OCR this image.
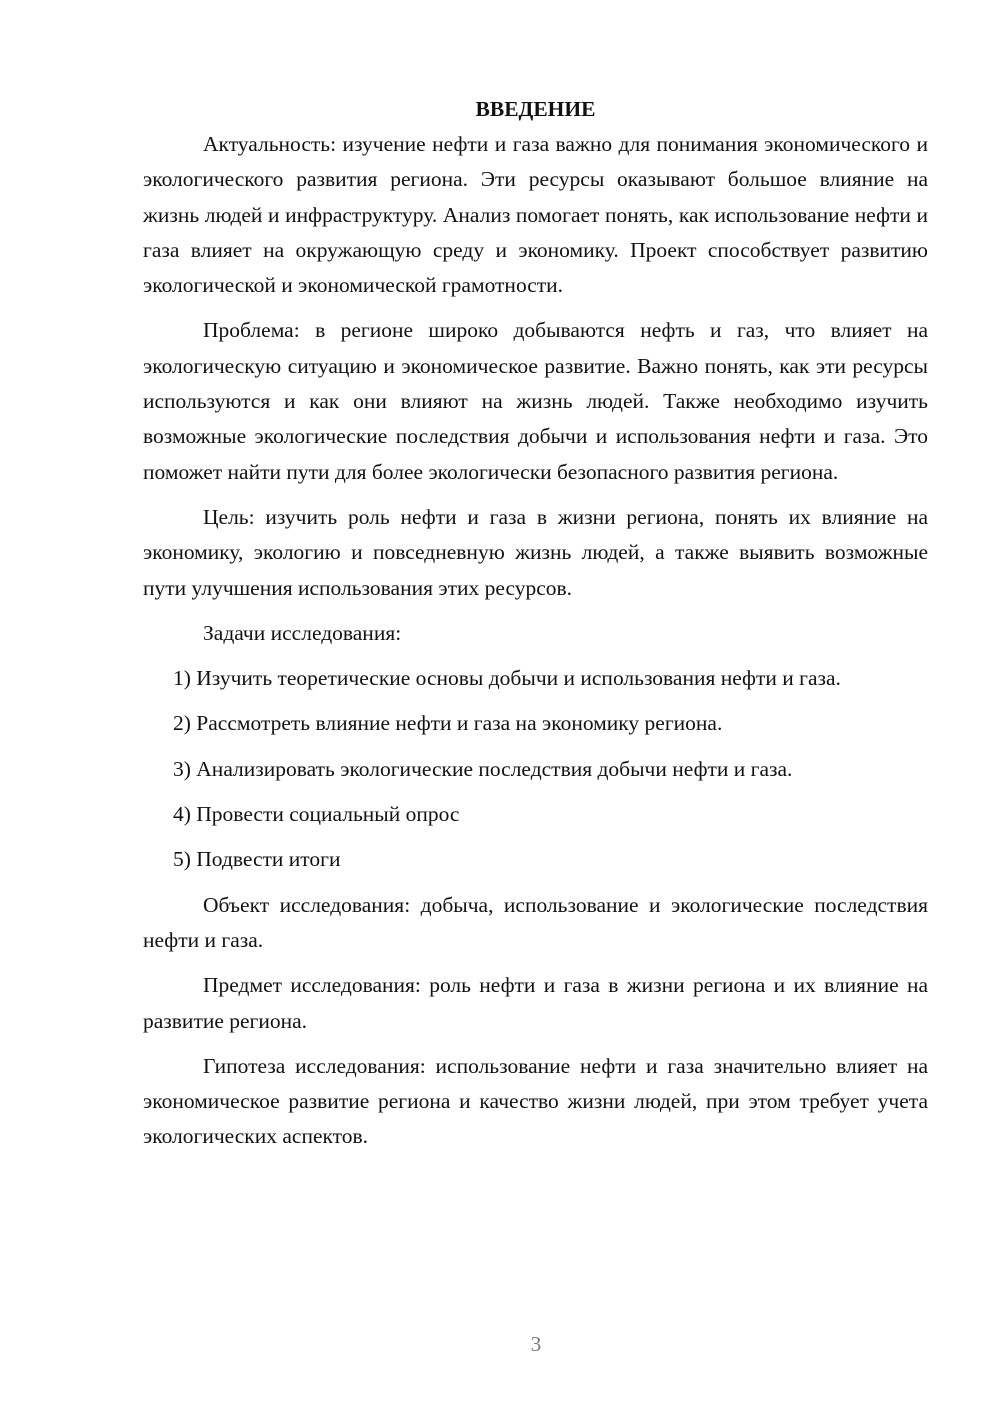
ВВЕДЕНИЕ

Актуальность: изучение нефти и газа важно для понимания экономического и экологического развития региона. Эти ресурсы оказывают большое влияние на жизнь людей и инфраструктуру. Анализ помогает понять, как использование нефти и газа влияет на окружающую среду и экономику. Проект способствует развитию экологической и экономической грамотности.

Проблема: в регионе широко добываются нефть и газ, что влияет на экологическую ситуацию и экономическое развитие. Важно понять, как эти ресурсы используются и как они влияют на жизнь людей. Также необходимо изучить возможные экологические последствия добычи и использования нефти и газа. Это поможет найти пути для более экологически безопасного развития региона.

Цель: изучить роль нефти и газа в жизни региона, понять их влияние на экономику, экологию и повседневную жизнь людей, а также выявить возможные пути улучшения использования этих ресурсов.

Задачи исследования:

1) Изучить теоретические основы добычи и использования нефти и газа.

2) Рассмотреть влияние нефти и газа на экономику региона.

3) Анализировать экологические последствия добычи нефти и газа.

4) Провести социальный опрос

5) Подвести итоги

Объект исследования: добыча, использование и экологические последствия нефти и газа.

Предмет исследования: роль нефти и газа в жизни региона и их влияние на развитие региона.

Гипотеза исследования: использование нефти и газа значительно влияет на экономическое развитие региона и качество жизни людей, при этом требует учета экологических аспектов.

3
